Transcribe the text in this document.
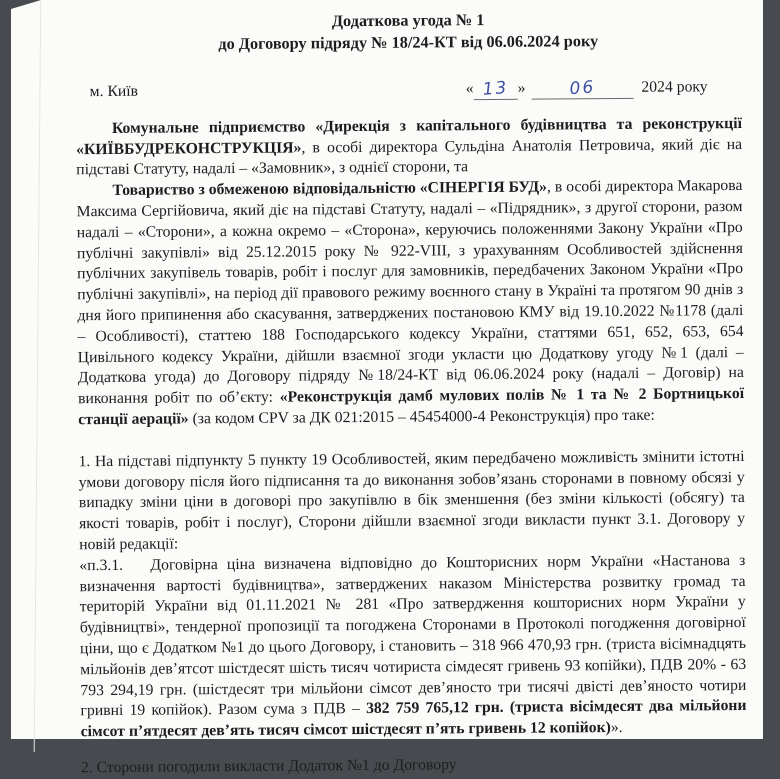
Додаткова угода № 1
до Договору підряду № 18/24-КТ від 06.06.2024 року
м. Київ	« 13 »	06	2024 року

Комунальне підприємство «Дирекція з капітального будівництва та реконструкції «КИЇВБУДРЕКОНСТРУКЦІЯ», в особі директора Сульдіна Анатолія Петровича, який діє на підставі Статуту, надалі – «Замовник», з однієї сторони, та

Товариство з обмеженою відповідальністю «СІНЕРГІЯ БУД», в особі директора Макарова Максима Сергійовича, який діє на підставі Статуту, надалі – «Підрядник», з другої сторони, разом надалі – «Сторони», а кожна окремо – «Сторона», керуючись положеннями Закону України «Про публічні закупівлі» від 25.12.2015 року № 922-VIII, з урахуванням Особливостей здійснення публічних закупівель товарів, робіт і послуг для замовників, передбачених Законом України «Про публічні закупівлі», на період дії правового режиму воєнного стану в Україні та протягом 90 днів з дня його припинення або скасування, затверджених постановою КМУ від 19.10.2022 №1178 (далі – Особливості), статтею 188 Господарського кодексу України, статтями 651, 652, 653, 654 Цивільного кодексу України, дійшли взаємної згоди укласти цю Додаткову угоду №1 (далі – Додаткова угода) до Договору підряду №18/24-КТ від 06.06.2024 року (надалі – Договір) на виконання робіт по об’єкту: «Реконструкція дамб мулових полів № 1 та № 2 Бортницької станції аерації» (за кодом CPV за ДК 021:2015 – 45454000-4 Реконструкція) про таке:

1. На підставі підпункту 5 пункту 19 Особливостей, яким передбачено можливість змінити істотні умови договору після його підписання та до виконання зобов’язань сторонами в повному обсязі у випадку зміни ціни в договорі про закупівлю в бік зменшення (без зміни кількості (обсягу) та якості товарів, робіт і послуг), Сторони дійшли взаємної згоди викласти пункт 3.1. Договору у новій редакції:

«п.3.1.   Договірна ціна визначена відповідно до Кошторисних норм України «Настанова з визначення вартості будівництва», затверджених наказом Міністерства розвитку громад та територій України від 01.11.2021 № 281 «Про затвердження кошторисних норм України у будівництві», тендерної пропозиції та погоджена Сторонами в Протоколі погодження договірної ціни, що є Додатком №1 до цього Договору, і становить – 318 966 470,93 грн. (триста вісімнадцять мільйонів дев’ятсот шістдесят шість тисяч чотириста сімдесят гривень 93 копійки), ПДВ 20% - 63 793 294,19 грн. (шістдесят три мільйони сімсот дев’яносто три тисячі двісті дев’яносто чотири гривні 19 копійок). Разом сума з ПДВ – 382 759 765,12 грн. (триста вісімдесят два мільйони сімсот п’ятдесят дев’ять тисяч сімсот шістдесят п’ять гривень 12 копійок)».

2. Сторони погодили викласти Додаток №1 до Договору
